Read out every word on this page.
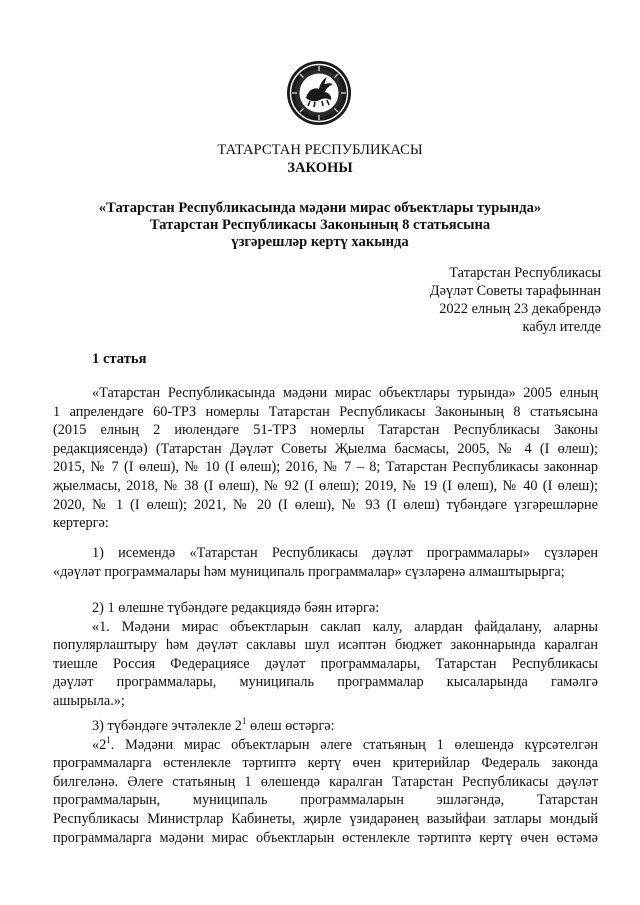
ТАТАРСТАН РЕСПУБЛИКАСЫ
ЗАКОНЫ
«Татарстан Республикасында мәдәни мирас объектлары турында»
Татарстан Республикасы Законының 8 статьясына
үзгәрешләр кертү хакында
Татарстан Республикасы
Дәүләт Советы тарафыннан
2022 елның 23 декабрендә
кабул ителде
1 статья
«Татарстан Республикасында мәдәни мирас объектлары турында» 2005 елның
1 апрелендәге 60-ТРЗ номерлы Татарстан Республикасы Законының 8 статьясына
(2015 елның 2 июлендәге 51-ТРЗ номерлы Татарстан Республикасы Законы
редакциясендә) (Татарстан Дәүләт Советы Җыелма басмасы, 2005, № 4 (I өлеш);
2015, № 7 (I өлеш), № 10 (I өлеш); 2016, № 7 – 8; Татарстан Республикасы законнар
җыелмасы, 2018, № 38 (I өлеш), № 92 (I өлеш); 2019, № 19 (I өлеш), № 40 (I өлеш);
2020, № 1 (I өлеш); 2021, № 20 (I өлеш), № 93 (I өлеш) түбәндәге үзгәрешләрне
кертергә:
1) исемендә «Татарстан Республикасы дәүләт программалары» сүзләрен
«дәүләт программалары һәм муниципаль программалар» сүзләренә алмаштырырга;
2) 1 өлешне түбәндәге редакциядә бәян итәргә:
«1. Мәдәни мирас объектларын саклап калу, алардан файдалану, аларны
популярлаштыру һәм дәүләт саклавы шул исәптән бюджет законнарында каралган
тиешле Россия Федерациясе дәүләт программалары, Татарстан Республикасы
дәүләт программалары, муниципаль программалар кысаларында гамәлгә
ашырыла.»;
3) түбәндәге эчтәлекле $2^1$ өлеш өстәргә:
«$2^1$. Мәдәни мирас объектларын әлеге статьяның 1 өлешендә күрсәтелгән
программаларга өстенлекле тәртиптә кертү өчен критерийлар Федераль законда
билгеләнә. Әлеге статьяның 1 өлешендә каралган Татарстан Республикасы дәүләт
программаларын, муниципаль программаларын эшләгәндә, Татарстан
Республикасы Министрлар Кабинеты, җирле үзидарәнең вазыйфаи затлары мондый
программаларга мәдәни мирас объектларын өстенлекле тәртиптә кертү өчен өстәмә
